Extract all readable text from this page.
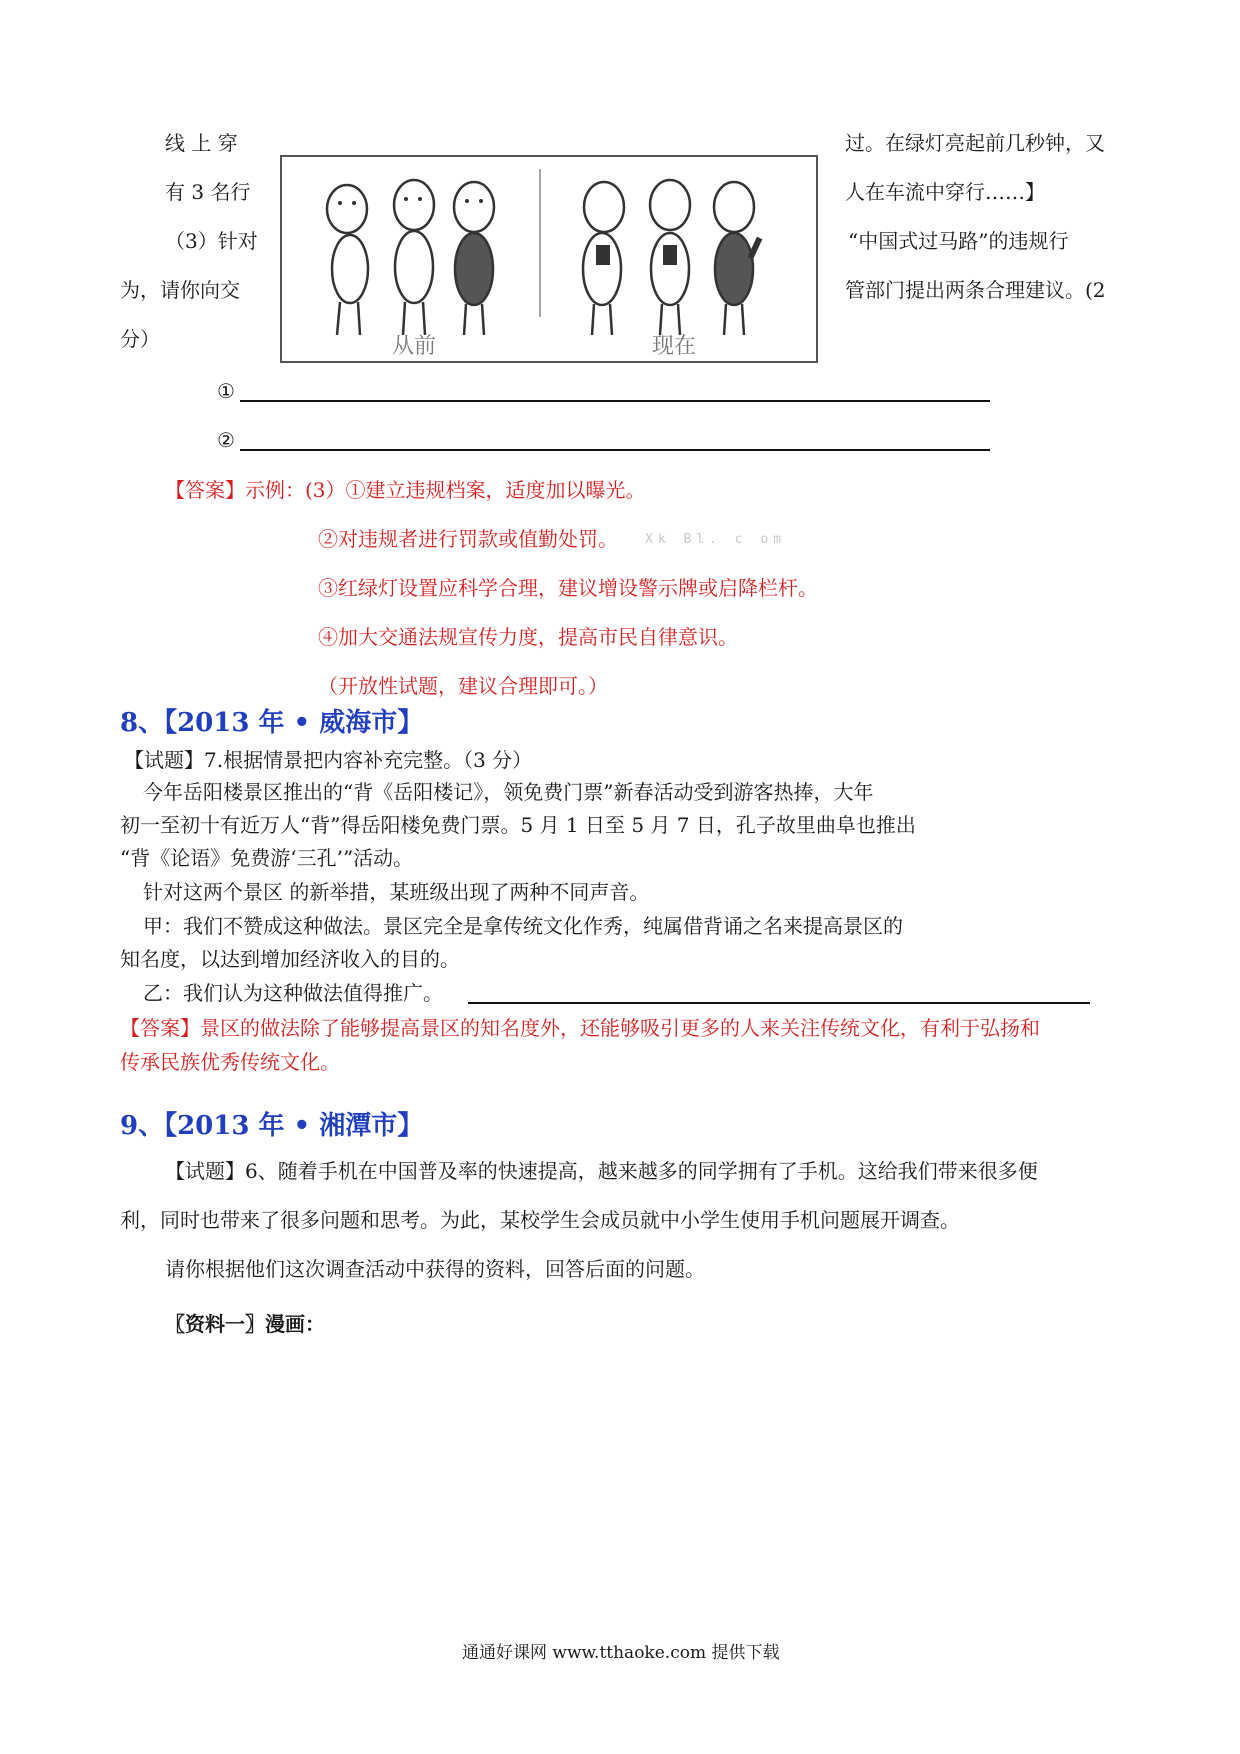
线 上 穿
有 3 名行
（3）针对
为，请你向交
分）
过。在绿灯亮起前几秒钟，又
人在车流中穿行……】
“中国式过马路”的违规行
管部门提出两条合理建议。(2
从前	现在
①
②
【答案】示例：(3）①建立违规档案，适度加以曝光。
②对违规者进行罚款或值勤处罚。 Xk Bl. c om
③红绿灯设置应科学合理，建议增设警示牌或启降栏杆。
④加大交通法规宣传力度，提高市民自律意识。
（开放性试题，建议合理即可。）
8、【2013 年 • 威海市】
【试题】7.根据情景把内容补充完整。（3 分）
今年岳阳楼景区推出的“背《岳阳楼记》，领免费门票”新春活动受到游客热捧，大年
初一至初十有近万人“背”得岳阳楼免费门票。5 月 1 日至 5 月 7 日，孔子故里曲阜也推出
“背《论语》免费游‘三孔’”活动。
针对这两个景区 的新举措，某班级出现了两种不同声音。
甲：我们不赞成这种做法。景区完全是拿传统文化作秀，纯属借背诵之名来提高景区的
知名度，以达到增加经济收入的目的。
乙：我们认为这种做法值得推广。
【答案】景区的做法除了能够提高景区的知名度外，还能够吸引更多的人来关注传统文化，有利于弘扬和
传承民族优秀传统文化。
9、【2013 年 • 湘潭市】
【试题】6、随着手机在中国普及率的快速提高，越来越多的同学拥有了手机。这给我们带来很多便
利，同时也带来了很多问题和思考。为此，某校学生会成员就中小学生使用手机问题展开调查。
请你根据他们这次调查活动中获得的资料，回答后面的问题。
〖资料一〗漫画：
通通好课网 www.tthaoke.com 提供下载
